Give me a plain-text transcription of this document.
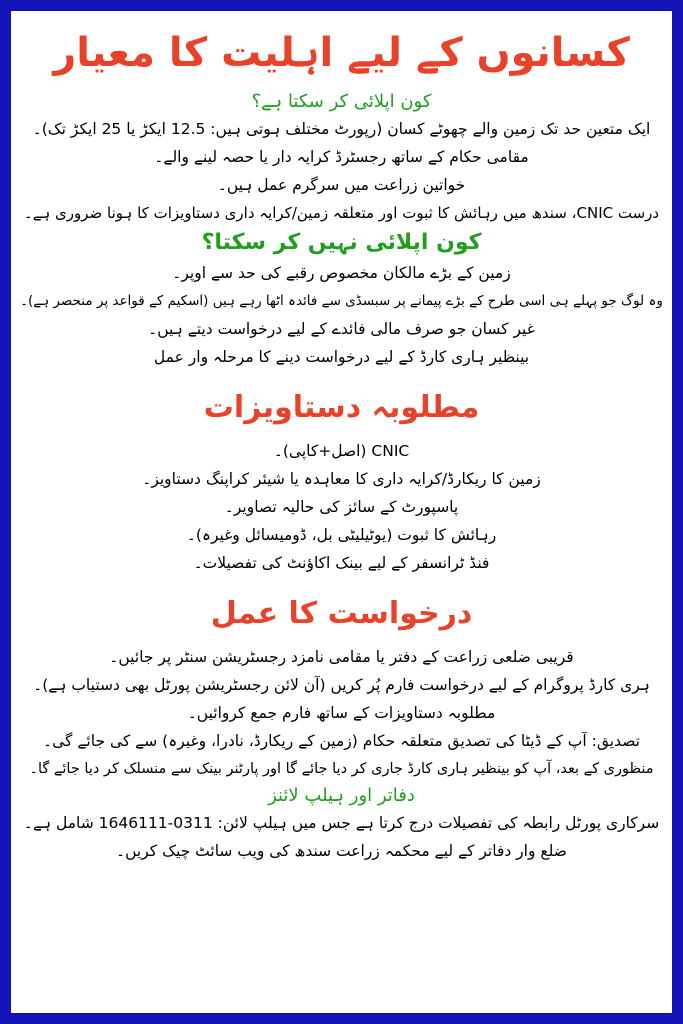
کسانوں کے لیے اہلیت کا معیار

کون اپلائی کر سکتا ہے؟

ایک متعین حد تک زمین والے چھوٹے کسان (رپورٹ مختلف ہوتی ہیں: 12.5 ایکڑ یا 25 ایکڑ تک)۔

مقامی حکام کے ساتھ رجسٹرڈ کرایہ دار یا حصہ لینے والے۔

خواتین زراعت میں سرگرم عمل ہیں۔

درست CNIC، سندھ میں رہائش کا ثبوت اور متعلقہ زمین/کرایہ داری دستاویزات کا ہونا ضروری ہے۔

کون اپلائی نہیں کر سکتا؟

زمین کے بڑے مالکان مخصوص رقبے کی حد سے اوپر۔

وہ لوگ جو پہلے ہی اسی طرح کے بڑے پیمانے پر سبسڈی سے فائدہ اٹھا رہے ہیں (اسکیم کے قواعد پر منحصر ہے)۔

غیر کسان جو صرف مالی فائدے کے لیے درخواست دیتے ہیں۔

بینظیر ہاری کارڈ کے لیے درخواست دینے کا مرحلہ وار عمل

مطلوبہ دستاویزات

CNIC (اصل+کاپی)۔

زمین کا ریکارڈ/کرایہ داری کا معاہدہ یا شیئر کراپنگ دستاویز۔

پاسپورٹ کے سائز کی حالیہ تصاویر۔

رہائش کا ثبوت (یوٹیلیٹی بل، ڈومیسائل وغیرہ)۔

فنڈ ٹرانسفر کے لیے بینک اکاؤنٹ کی تفصیلات۔

درخواست کا عمل

قریبی ضلعی زراعت کے دفتر یا مقامی نامزد رجسٹریشن سنٹر پر جائیں۔

ہری کارڈ پروگرام کے لیے درخواست فارم پُر کریں (آن لائن رجسٹریشن پورٹل بھی دستیاب ہے)۔

مطلوبہ دستاویزات کے ساتھ فارم جمع کروائیں۔

تصدیق: آپ کے ڈیٹا کی تصدیق متعلقہ حکام (زمین کے ریکارڈ، نادرا، وغیرہ) سے کی جائے گی۔

منظوری کے بعد، آپ کو بینظیر ہاری کارڈ جاری کر دیا جائے گا اور پارٹنر بینک سے منسلک کر دیا جائے گا۔

دفاتر اور ہیلپ لائنز

سرکاری پورٹل رابطہ کی تفصیلات درج کرتا ہے جس میں ہیلپ لائن: 0311-1646111 شامل ہے۔ ضلع وار دفاتر کے لیے محکمہ زراعت سندھ کی ویب سائٹ چیک کریں۔
